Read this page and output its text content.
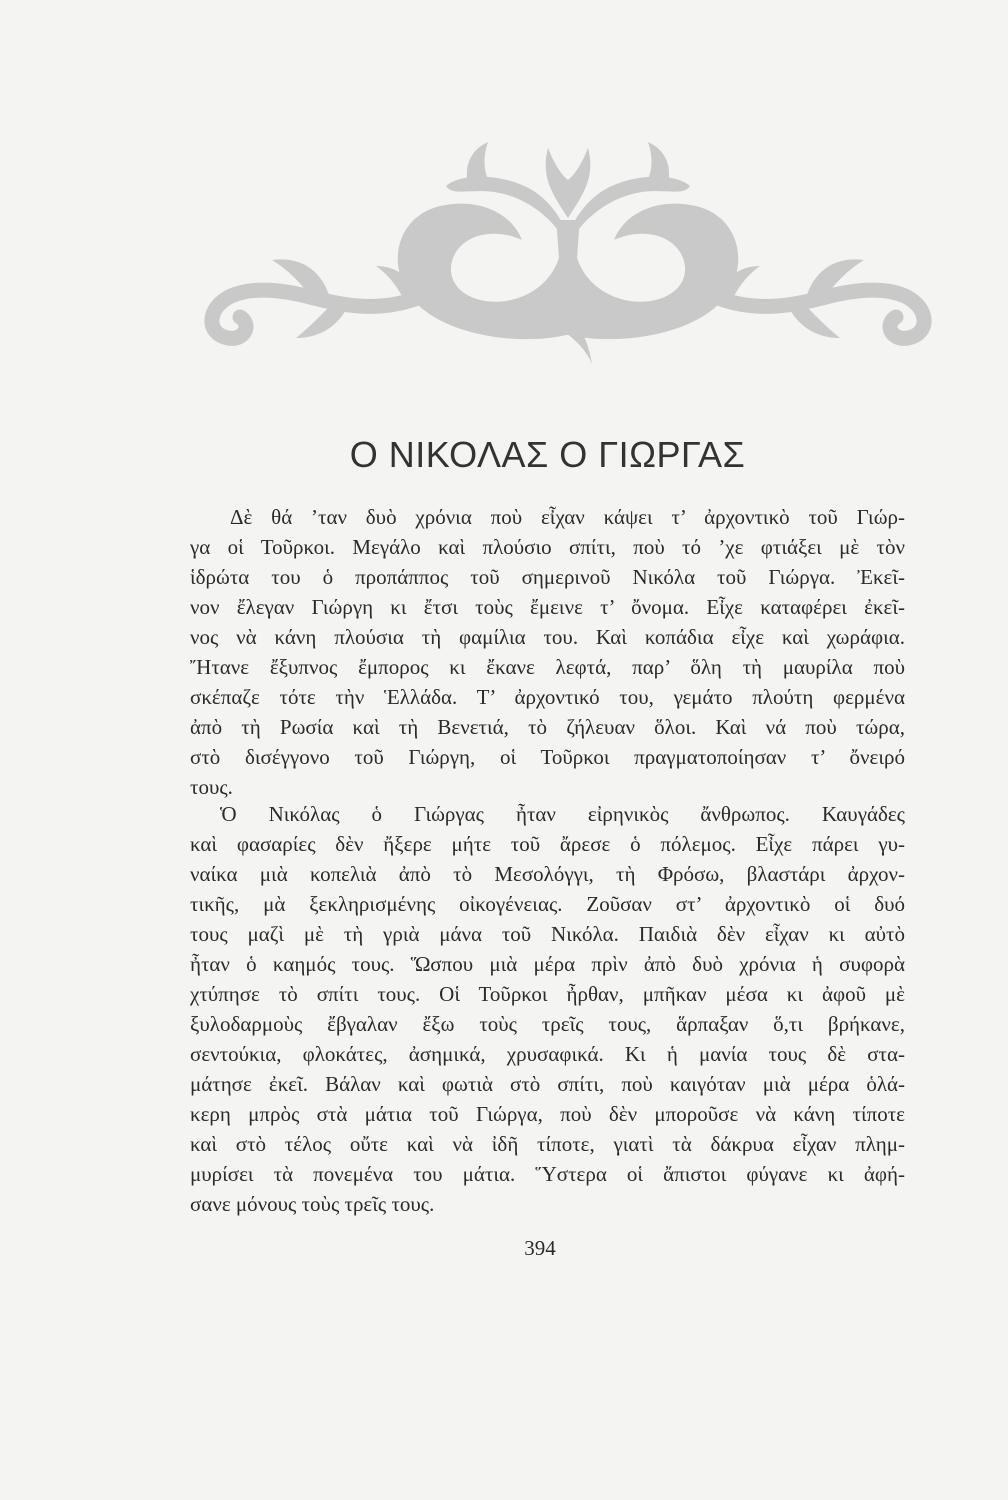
Ο ΝΙΚΟΛΑΣ Ο ΓΙΩΡΓΑΣ
Δὲ θά ’ταν δυὸ χρόνια ποὺ εἶχαν κάψει τ’ ἀρχοντικὸ τοῦ Γιώρ-
γα οἱ Τοῦρκοι. Μεγάλο καὶ πλούσιο σπίτι, ποὺ τό ’χε φτιάξει μὲ τὸν
ἱδρώτα του ὁ προπάππος τοῦ σημερινοῦ Νικόλα τοῦ Γιώργα. Ἐκεῖ-
νον ἔλεγαν Γιώργη κι ἔτσι τοὺς ἔμεινε τ’ ὄνομα. Εἶχε καταφέρει ἐκεῖ-
νος νὰ κάνη πλούσια τὴ φαμίλια του. Καὶ κοπάδια εἶχε καὶ χωράφια.
Ἤτανε ἔξυπνος ἔμπορος κι ἔκανε λεφτά, παρ’ ὅλη τὴ μαυρίλα ποὺ
σκέπαζε τότε τὴν Ἑλλάδα. Τ’ ἀρχοντικό του, γεμάτο πλούτη φερμένα
ἀπὸ τὴ Ρωσία καὶ τὴ Βενετιά, τὸ ζήλευαν ὅλοι. Καὶ νά ποὺ τώρα,
στὸ δισέγγονο τοῦ Γιώργη, οἱ Τοῦρκοι πραγματοποίησαν τ’ ὄνειρό
τους.
Ὁ Νικόλας ὁ Γιώργας ἦταν εἰρηνικὸς ἄνθρωπος. Καυγάδες
καὶ φασαρίες δὲν ἤξερε μήτε τοῦ ἄρεσε ὁ πόλεμος. Εἶχε πάρει γυ-
ναίκα μιὰ κοπελιὰ ἀπὸ τὸ Μεσολόγγι, τὴ Φρόσω, βλαστάρι ἀρχον-
τικῆς, μὰ ξεκληρισμένης οἰκογένειας. Ζοῦσαν στ’ ἀρχοντικὸ οἱ δυό
τους μαζὶ μὲ τὴ γριὰ μάνα τοῦ Νικόλα. Παιδιὰ δὲν εἶχαν κι αὐτὸ
ἦταν ὁ καημός τους. Ὥσπου μιὰ μέρα πρὶν ἀπὸ δυὸ χρόνια ἡ συφορὰ
χτύπησε τὸ σπίτι τους. Οἱ Τοῦρκοι ἦρθαν, μπῆκαν μέσα κι ἀφοῦ μὲ
ξυλοδαρμοὺς ἔβγαλαν ἔξω τοὺς τρεῖς τους, ἅρπαξαν ὅ,τι βρήκανε,
σεντούκια, φλοκάτες, ἀσημικά, χρυσαφικά. Κι ἡ μανία τους δὲ στα-
μάτησε ἐκεῖ. Βάλαν καὶ φωτιὰ στὸ σπίτι, ποὺ καιγόταν μιὰ μέρα ὁλά-
κερη μπρὸς στὰ μάτια τοῦ Γιώργα, ποὺ δὲν μποροῦσε νὰ κάνη τίποτε
καὶ στὸ τέλος οὔτε καὶ νὰ ἰδῆ τίποτε, γιατὶ τὰ δάκρυα εἶχαν πλημ-
μυρίσει τὰ πονεμένα του μάτια. Ὕστερα οἱ ἄπιστοι φύγανε κι ἀφή-
σανε μόνους τοὺς τρεῖς τους.
394
